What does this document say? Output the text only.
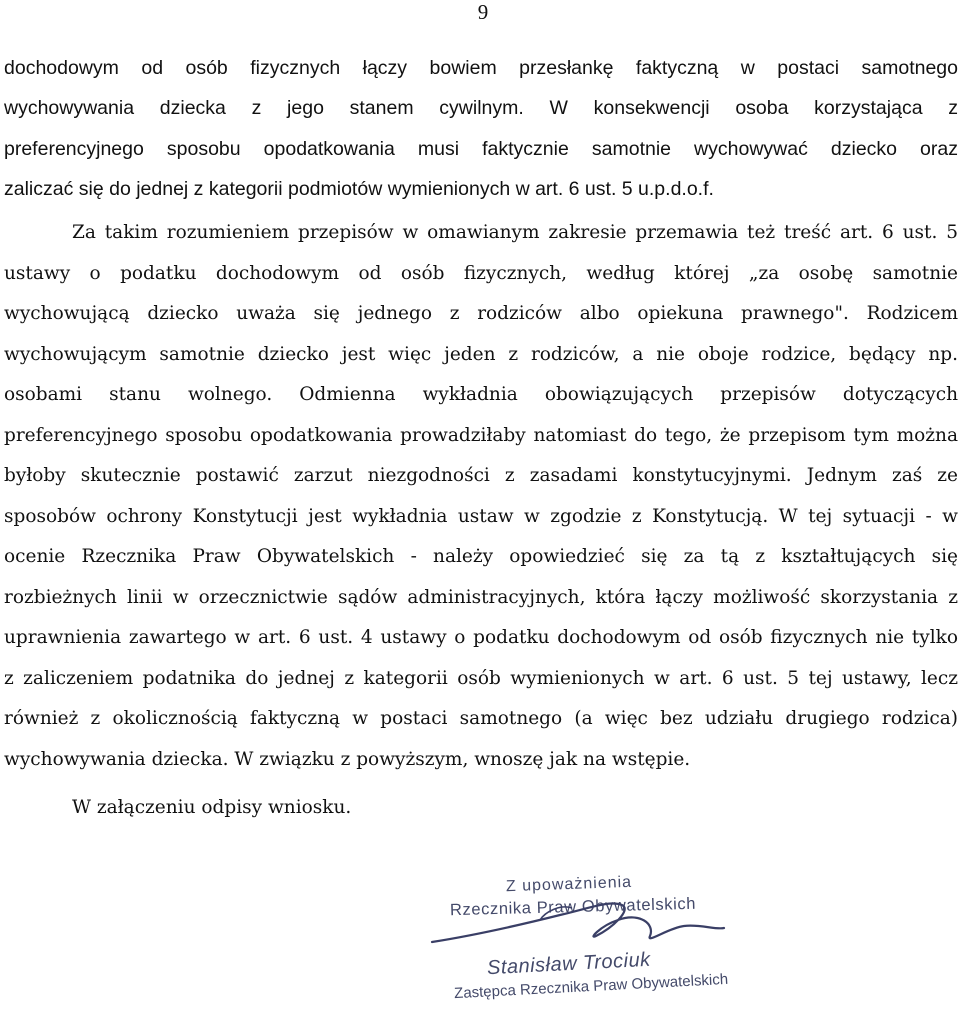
9
dochodowym od osób fizycznych łączy bowiem przesłankę faktyczną w postaci samotnego
wychowywania dziecka z jego stanem cywilnym. W konsekwencji osoba korzystająca z
preferencyjnego sposobu opodatkowania musi faktycznie samotnie wychowywać dziecko oraz
zaliczać się do jednej z kategorii podmiotów wymienionych w art. 6 ust. 5 u.p.d.o.f.
Za takim rozumieniem przepisów w omawianym zakresie przemawia też treść art. 6 ust. 5
ustawy o podatku dochodowym od osób fizycznych, według której „za osobę samotnie
wychowującą dziecko uważa się jednego z rodziców albo opiekuna prawnego". Rodzicem
wychowującym samotnie dziecko jest więc jeden z rodziców, a nie oboje rodzice, będący np.
osobami stanu wolnego. Odmienna wykładnia obowiązujących przepisów dotyczących
preferencyjnego sposobu opodatkowania prowadziłaby natomiast do tego, że przepisom tym można
byłoby skutecznie postawić zarzut niezgodności z zasadami konstytucyjnymi. Jednym zaś ze
sposobów ochrony Konstytucji jest wykładnia ustaw w zgodzie z Konstytucją. W tej sytuacji - w
ocenie Rzecznika Praw Obywatelskich - należy opowiedzieć się za tą z kształtujących się
rozbieżnych linii w orzecznictwie sądów administracyjnych, która łączy możliwość skorzystania z
uprawnienia zawartego w art. 6 ust. 4 ustawy o podatku dochodowym od osób fizycznych nie tylko
z zaliczeniem podatnika do jednej z kategorii osób wymienionych w art. 6 ust. 5 tej ustawy, lecz
również z okolicznością faktyczną w postaci samotnego (a więc bez udziału drugiego rodzica)
wychowywania dziecka. W związku z powyższym, wnoszę jak na wstępie.
W załączeniu odpisy wniosku.
Z upoważnienia
Rzecznika Praw Obywatelskich
Stanisław Trociuk
Zastępca Rzecznika Praw Obywatelskich
